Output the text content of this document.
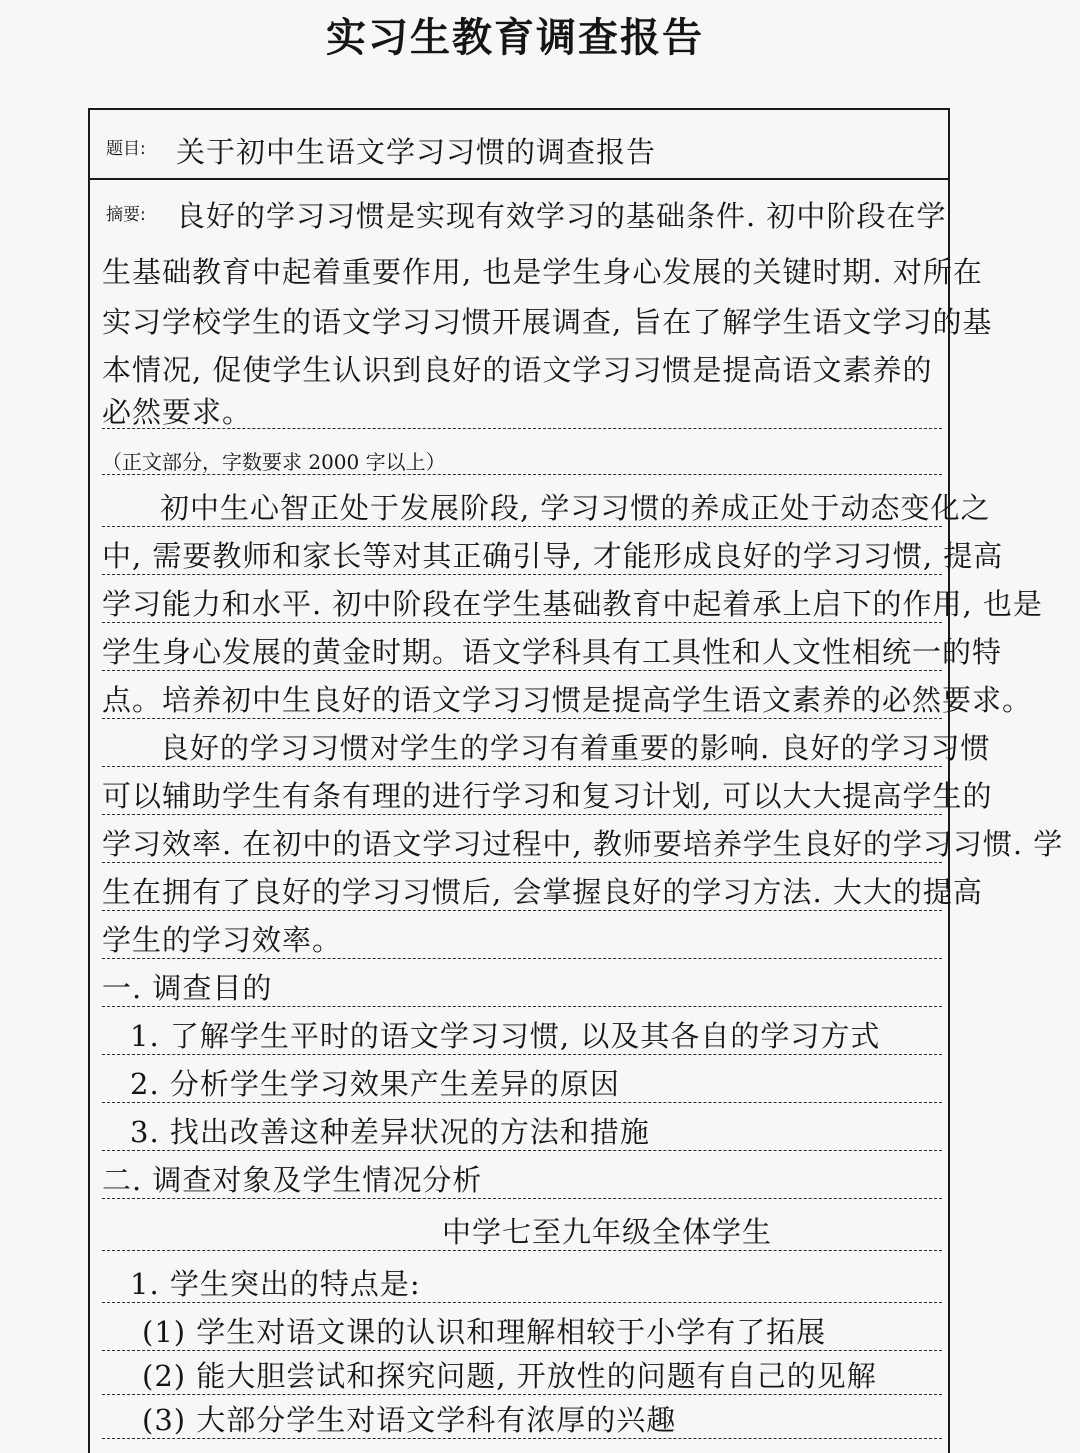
实习生教育调查报告
题目: 关于初中生语文学习习惯的调查报告
摘要: 良好的学习习惯是实现有效学习的基础条件. 初中阶段在学
生基础教育中起着重要作用, 也是学生身心发展的关键时期. 对所在
实习学校学生的语文学习习惯开展调查, 旨在了解学生语文学习的基
本情况, 促使学生认识到良好的语文学习习惯是提高语文素养的
必然要求。
（正文部分，字数要求 2000 字以上）
初中生心智正处于发展阶段, 学习习惯的养成正处于动态变化之
中, 需要教师和家长等对其正确引导, 才能形成良好的学习习惯, 提高
学习能力和水平. 初中阶段在学生基础教育中起着承上启下的作用, 也是
学生身心发展的黄金时期。语文学科具有工具性和人文性相统一的特
点。培养初中生良好的语文学习习惯是提高学生语文素养的必然要求。
良好的学习习惯对学生的学习有着重要的影响. 良好的学习习惯
可以辅助学生有条有理的进行学习和复习计划, 可以大大提高学生的
学习效率. 在初中的语文学习过程中, 教师要培养学生良好的学习习惯. 学
生在拥有了良好的学习习惯后, 会掌握良好的学习方法. 大大的提高
学生的学习效率。
一. 调查目的
1. 了解学生平时的语文学习习惯, 以及其各自的学习方式
2. 分析学生学习效果产生差异的原因
3. 找出改善这种差异状况的方法和措施
二. 调查对象及学生情况分析
中学七至九年级全体学生
1. 学生突出的特点是:
(1) 学生对语文课的认识和理解相较于小学有了拓展
(2) 能大胆尝试和探究问题, 开放性的问题有自己的见解
(3) 大部分学生对语文学科有浓厚的兴趣
